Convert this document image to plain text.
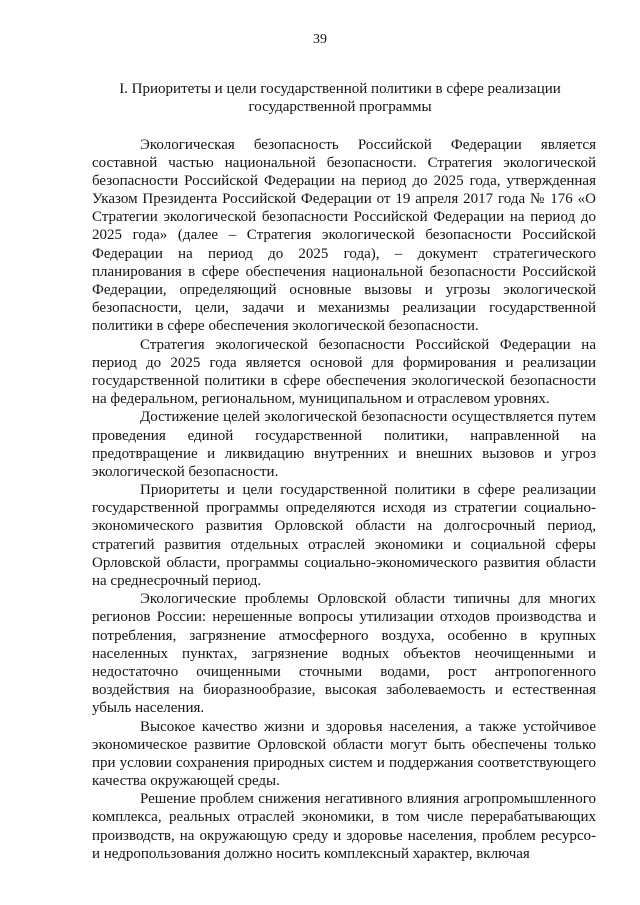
39
I. Приоритеты и цели государственной политики в сфере реализации государственной программы

Экологическая безопасность Российской Федерации является составной частью национальной безопасности. Стратегия экологической безопасности Российской Федерации на период до 2025 года, утвержденная Указом Президента Российской Федерации от 19 апреля 2017 года № 176 «О Стратегии экологической безопасности Российской Федерации на период до 2025 года» (далее – Стратегия экологической безопасности Российской Федерации на период до 2025 года), – документ стратегического планирования в сфере обеспечения национальной безопасности Российской Федерации, определяющий основные вызовы и угрозы экологической безопасности, цели, задачи и механизмы реализации государственной политики в сфере обеспечения экологической безопасности.

Стратегия экологической безопасности Российской Федерации на период до 2025 года является основой для формирования и реализации государственной политики в сфере обеспечения экологической безопасности на федеральном, региональном, муниципальном и отраслевом уровнях.

Достижение целей экологической безопасности осуществляется путем проведения единой государственной политики, направленной на предотвращение и ликвидацию внутренних и внешних вызовов и угроз экологической безопасности.

Приоритеты и цели государственной политики в сфере реализации государственной программы определяются исходя из стратегии социально-экономического развития Орловской области на долгосрочный период, стратегий развития отдельных отраслей экономики и социальной сферы Орловской области, программы социально-экономического развития области на среднесрочный период.

Экологические проблемы Орловской области типичны для многих регионов России: нерешенные вопросы утилизации отходов производства и потребления, загрязнение атмосферного воздуха, особенно в крупных населенных пунктах, загрязнение водных объектов неочищенными и недостаточно очищенными сточными водами, рост антропогенного воздействия на биоразнообразие, высокая заболеваемость и естественная убыль населения.

Высокое качество жизни и здоровья населения, а также устойчивое экономическое развитие Орловской области могут быть обеспечены только при условии сохранения природных систем и поддержания соответствующего качества окружающей среды.

Решение проблем снижения негативного влияния агропромышленного комплекса, реальных отраслей экономики, в том числе перерабатывающих производств, на окружающую среду и здоровье населения, проблем ресурсо- и недропользования должно носить комплексный характер, включая
